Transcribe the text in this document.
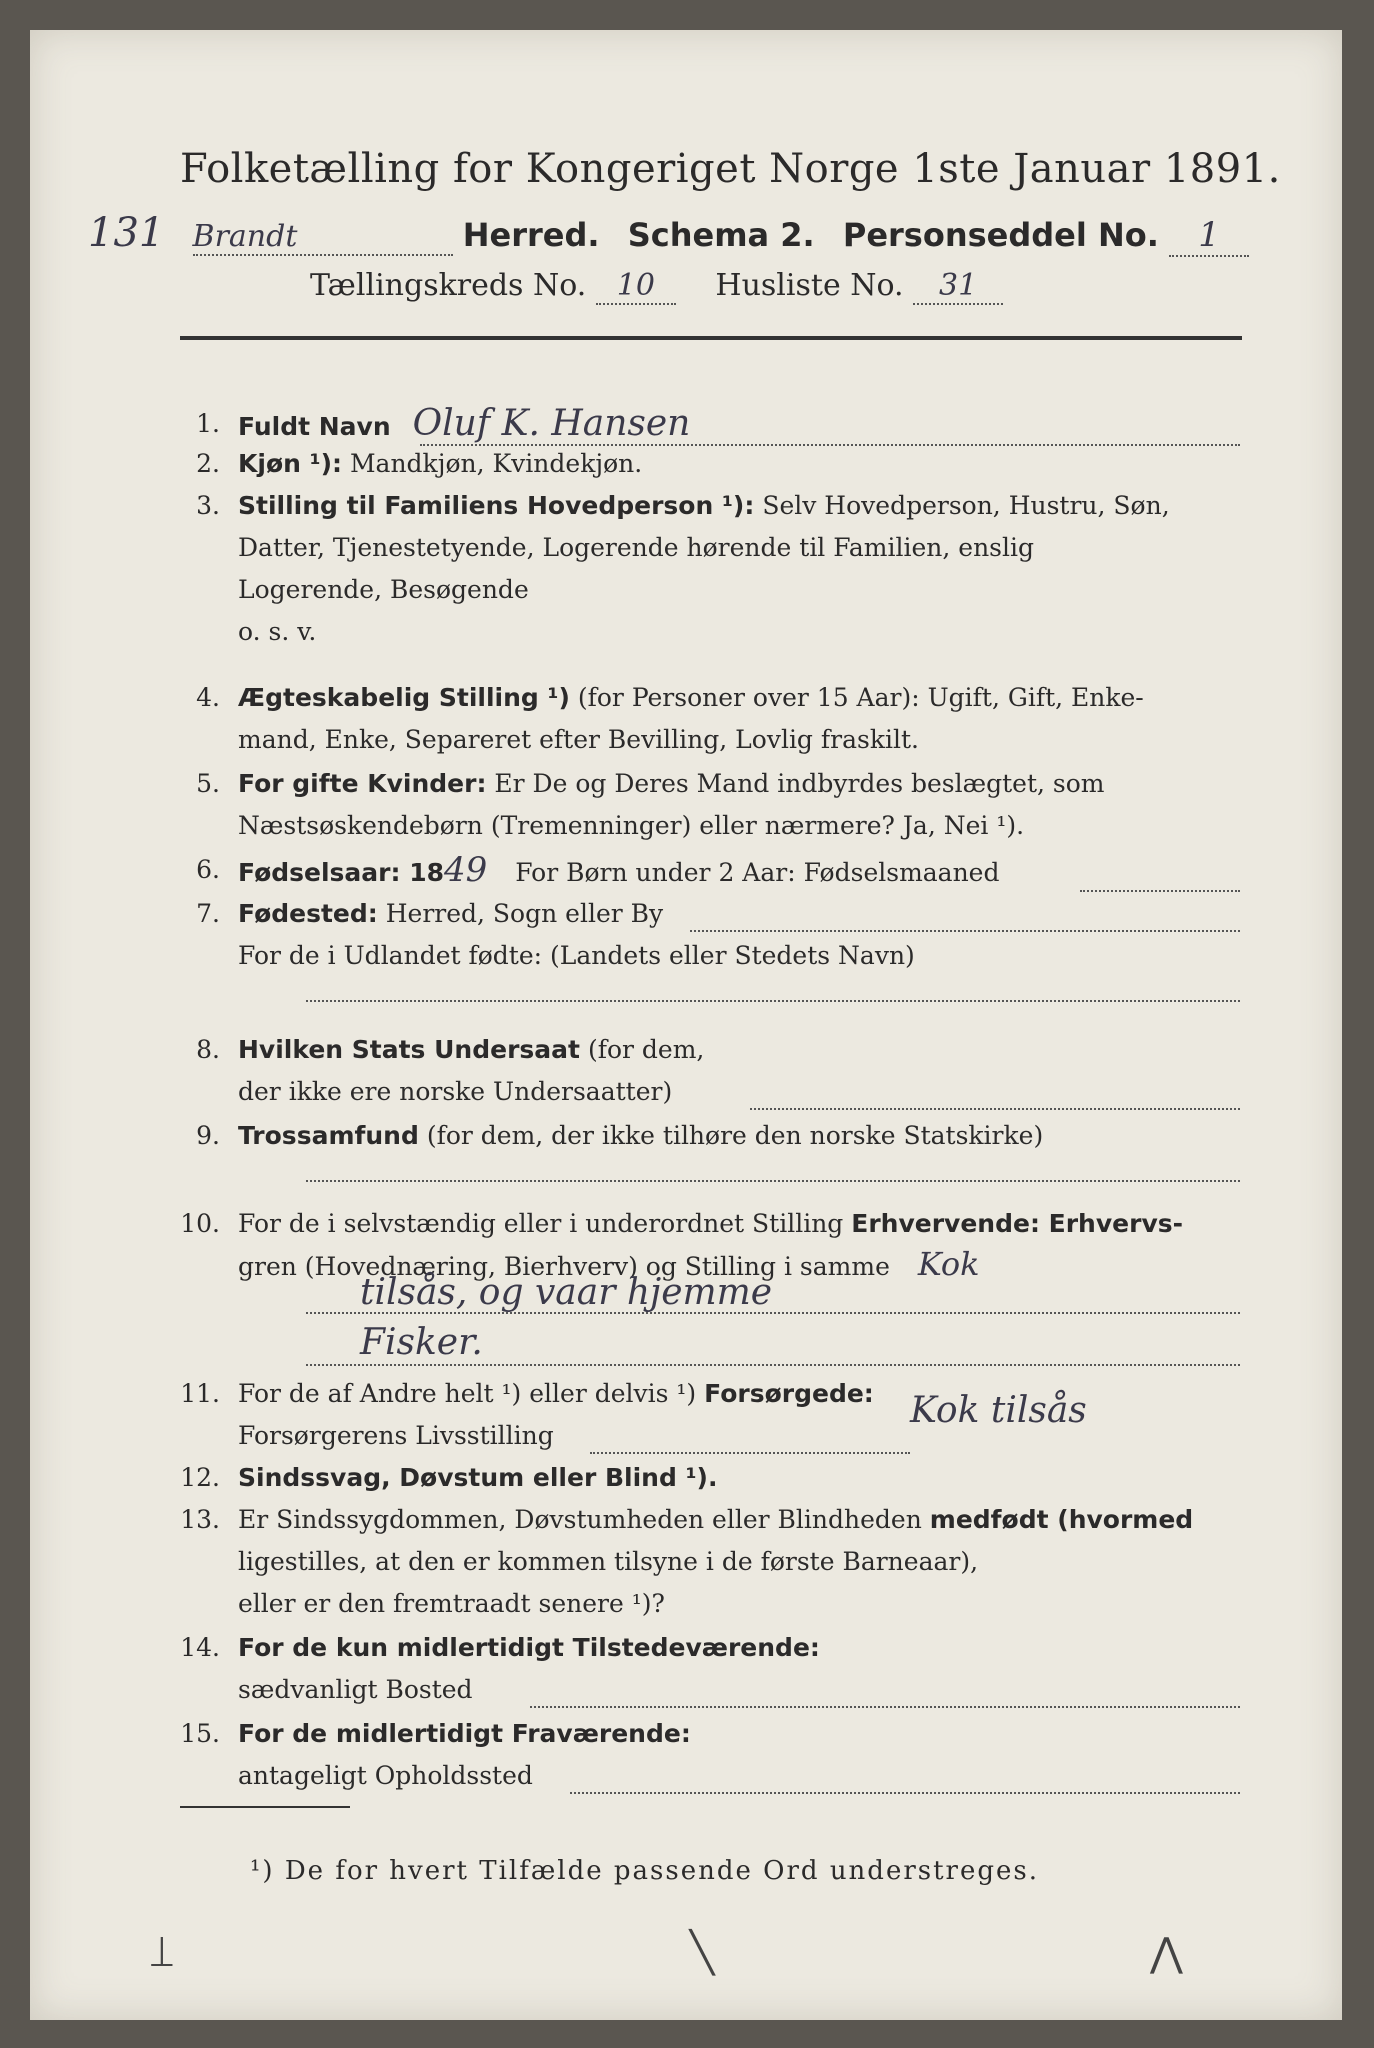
Folketælling for Kongeriget Norge 1ste Januar 1891.
131 Brandt	Herred. Schema 2. Personseddel No. 1
Tællingskreds No. 10 Husliste No. 31
1. Fuldt Navn Oluf K. Hansen
2. Kjøn ¹): Mandkjøn, Kvindekjøn.
3. Stilling til Familiens Hovedperson ¹): Selv Hovedperson, Hustru, Søn,
Datter, Tjenestetyende, Logerende hørende til Familien, enslig
Logerende, Besøgende
o. s. v.
4. Ægteskabelig Stilling ¹) (for Personer over 15 Aar): Ugift, Gift, Enke-
mand, Enke, Separeret efter Bevilling, Lovlig fraskilt.
5. For gifte Kvinder: Er De og Deres Mand indbyrdes beslægtet, som
Næstsøskendebørn (Tremenninger) eller nærmere? Ja, Nei ¹).
6. Fødselsaar: 1849 For Børn under 2 Aar: Fødselsmaaned
7. Fødested: Herred, Sogn eller By
For de i Udlandet fødte: (Landets eller Stedets Navn)
8. Hvilken Stats Undersaat (for dem,
der ikke ere norske Undersaatter)
9. Trossamfund (for dem, der ikke tilhøre den norske Statskirke)
10. For de i selvstændig eller i underordnet Stilling Erhvervende: Erhvervs-
gren (Hovednæring, Bierhverv) og Stilling i samme Kok
tilsås, og vaar hjemme
Fisker.
11. For de af Andre helt ¹) eller delvis ¹) Forsørgede:
Forsørgerens Livsstilling
Kok tilsås
12. Sindssvag, Døvstum eller Blind ¹).
13. Er Sindssygdommen, Døvstumheden eller Blindheden medfødt (hvormed
ligestilles, at den er kommen tilsyne i de første Barneaar),
eller er den fremtraadt senere ¹)?
14. For de kun midlertidigt Tilstedeværende:
sædvanligt Bosted
15. For de midlertidigt Fraværende:
antageligt Opholdssted
¹) De for hvert Tilfælde passende Ord understreges.
⟘	╲	⋀
